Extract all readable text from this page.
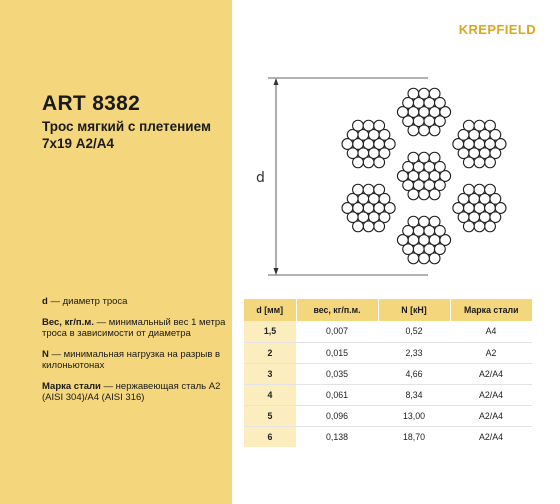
KREPFIELD
ART 8382
Трос мягкий с плетением 7х19 A2/A4
d — диаметр троса
Вес, кг/п.м. — минимальный вес 1 метра троса в зависимости от диаметра
N — минимальная нагрузка на разрыв в килоньютонах
Марка стали — нержавеющая сталь A2 (AISI 304)/A4 (AISI 316)
d
d [мм]	вес, кг/п.м.	N [кН]	Марка стали
1,5	0,007	0,52	A4
2	0,015	2,33	A2
3	0,035	4,66	A2/A4
4	0,061	8,34	A2/A4
5	0,096	13,00	A2/A4
6	0,138	18,70	A2/A4
